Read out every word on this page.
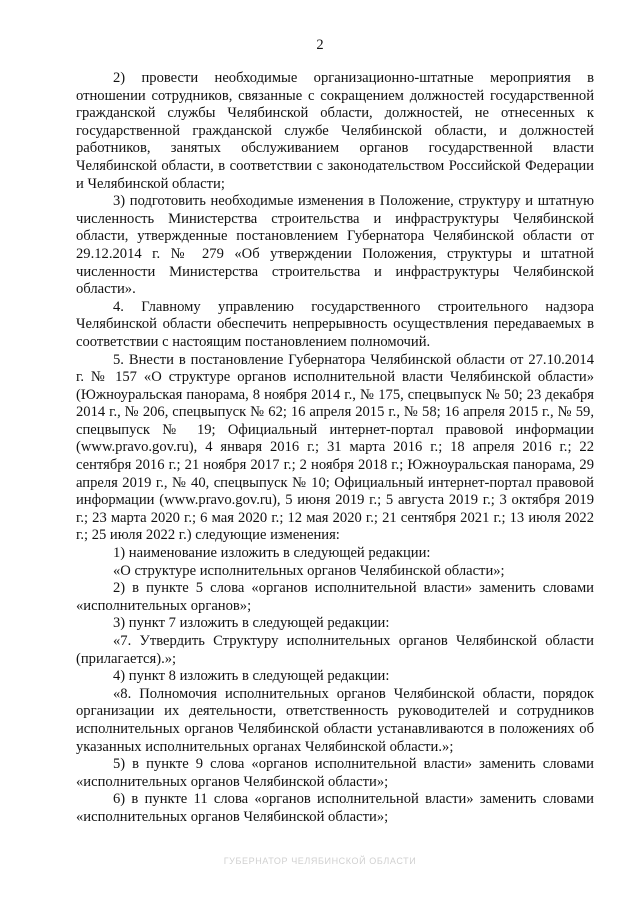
2

2) провести необходимые организационно-штатные мероприятия в отношении сотрудников, связанные с сокращением должностей государственной гражданской службы Челябинской области, должностей, не отнесенных к государственной гражданской службе Челябинской области, и должностей работников, занятых обслуживанием органов государственной власти Челябинской области, в соответствии с законодательством Российской Федерации и Челябинской области;

3) подготовить необходимые изменения в Положение, структуру и штатную численность Министерства строительства и инфраструктуры Челябинской области, утвержденные постановлением Губернатора Челябинской области от 29.12.2014 г. № 279 «Об утверждении Положения, структуры и штатной численности Министерства строительства и инфраструктуры Челябинской области».

4. Главному управлению государственного строительного надзора Челябинской области обеспечить непрерывность осуществления передаваемых в соответствии с настоящим постановлением полномочий.

5. Внести в постановление Губернатора Челябинской области от 27.10.2014 г. № 157 «О структуре органов исполнительной власти Челябинской области» (Южноуральская панорама, 8 ноября 2014 г., № 175, спецвыпуск № 50; 23 декабря 2014 г., № 206, спецвыпуск № 62; 16 апреля 2015 г., № 58; 16 апреля 2015 г., № 59, спецвыпуск № 19; Официальный интернет-портал правовой информации (www.pravo.gov.ru), 4 января 2016 г.; 31 марта 2016 г.; 18 апреля 2016 г.; 22 сентября 2016 г.; 21 ноября 2017 г.; 2 ноября 2018 г.; Южноуральская панорама, 29 апреля 2019 г., № 40, спецвыпуск № 10; Официальный интернет-портал правовой информации (www.pravo.gov.ru), 5 июня 2019 г.; 5 августа 2019 г.; 3 октября 2019 г.; 23 марта 2020 г.; 6 мая 2020 г.; 12 мая 2020 г.; 21 сентября 2021 г.; 13 июля 2022 г.; 25 июля 2022 г.) следующие изменения:

1) наименование изложить в следующей редакции:

«О структуре исполнительных органов Челябинской области»;

2) в пункте 5 слова «органов исполнительной власти» заменить словами «исполнительных органов»;

3) пункт 7 изложить в следующей редакции:

«7. Утвердить Структуру исполнительных органов Челябинской области (прилагается).»;

4) пункт 8 изложить в следующей редакции:

«8. Полномочия исполнительных органов Челябинской области, порядок организации их деятельности, ответственность руководителей и сотрудников исполнительных органов Челябинской области устанавливаются в положениях об указанных исполнительных органах Челябинской области.»;

5) в пункте 9 слова «органов исполнительной власти» заменить словами «исполнительных органов Челябинской области»;

6) в пункте 11 слова «органов исполнительной власти» заменить словами «исполнительных органов Челябинской области»;

ГУБЕРНАТОР ЧЕЛЯБИНСКОЙ ОБЛАСТИ
